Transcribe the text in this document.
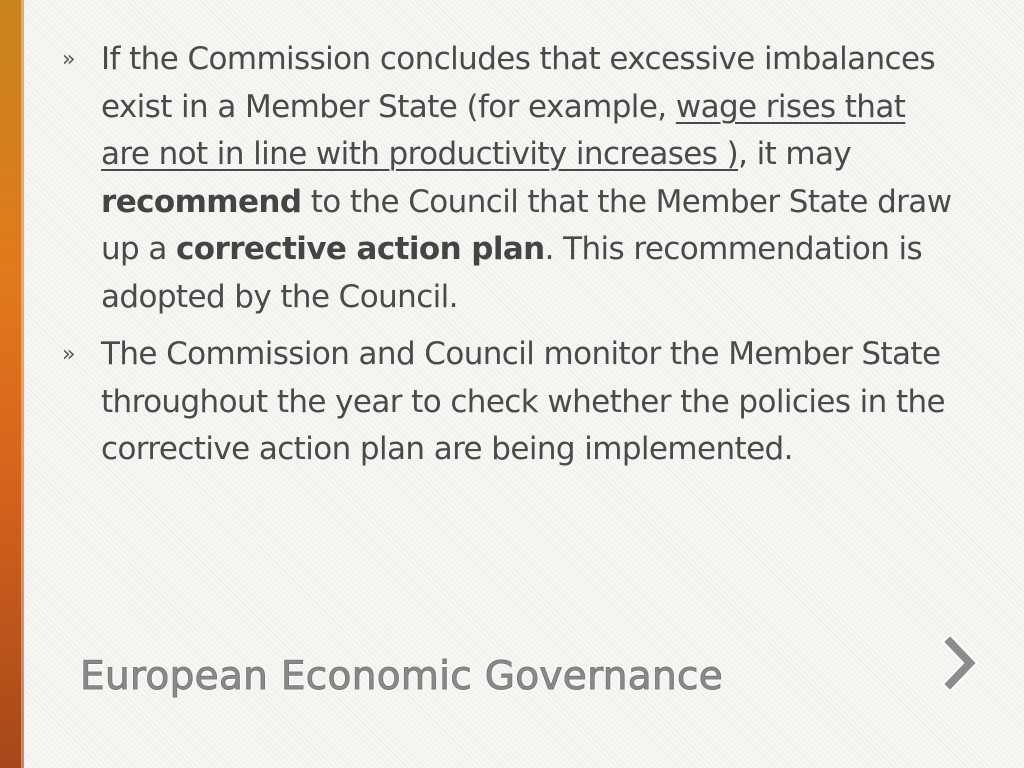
» If the Commission concludes that excessive imbalances exist in a Member State (for example, wage rises that are not in line with productivity increases ), it may recommend to the Council that the Member State draw up a corrective action plan. This recommendation is adopted by the Council.

» The Commission and Council monitor the Member State throughout the year to check whether the policies in the corrective action plan are being implemented.

European Economic Governance
